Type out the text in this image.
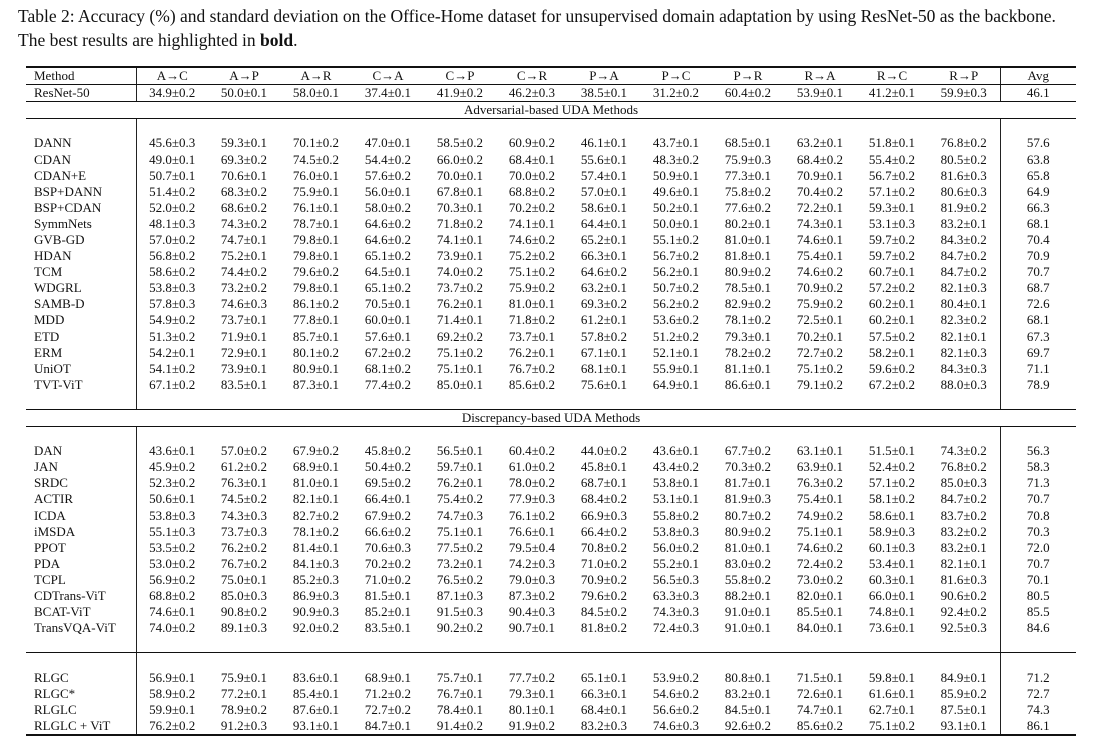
Table 2: Accuracy (%) and standard deviation on the Office-Home dataset for unsupervised domain adaptation by using ResNet-50 as the backbone. The best results are highlighted in bold.
Method	A→C	A→P	A→R	C→A	C→P	C→R	P→A	P→C	P→R	R→A	R→C	R→P	Avg
ResNet-50	34.9±0.2	50.0±0.1	58.0±0.1	37.4±0.1	41.9±0.2	46.2±0.3	38.5±0.1	31.2±0.2	60.4±0.2	53.9±0.1	41.2±0.1	59.9±0.3	46.1
Adversarial-based UDA Methods													

DANN	45.6±0.3	59.3±0.1	70.1±0.2	47.0±0.1	58.5±0.2	60.9±0.2	46.1±0.1	43.7±0.1	68.5±0.1	63.2±0.1	51.8±0.1	76.8±0.2	57.6
CDAN	49.0±0.1	69.3±0.2	74.5±0.2	54.4±0.2	66.0±0.2	68.4±0.1	55.6±0.1	48.3±0.2	75.9±0.3	68.4±0.2	55.4±0.2	80.5±0.2	63.8
CDAN+E	50.7±0.1	70.6±0.1	76.0±0.1	57.6±0.2	70.0±0.1	70.0±0.2	57.4±0.1	50.9±0.1	77.3±0.1	70.9±0.1	56.7±0.2	81.6±0.3	65.8
BSP+DANN	51.4±0.2	68.3±0.2	75.9±0.1	56.0±0.1	67.8±0.1	68.8±0.2	57.0±0.1	49.6±0.1	75.8±0.2	70.4±0.2	57.1±0.2	80.6±0.3	64.9
BSP+CDAN	52.0±0.2	68.6±0.2	76.1±0.1	58.0±0.2	70.3±0.1	70.2±0.2	58.6±0.1	50.2±0.1	77.6±0.2	72.2±0.1	59.3±0.1	81.9±0.2	66.3
SymmNets	48.1±0.3	74.3±0.2	78.7±0.1	64.6±0.2	71.8±0.2	74.1±0.1	64.4±0.1	50.0±0.1	80.2±0.1	74.3±0.1	53.1±0.3	83.2±0.1	68.1
GVB-GD	57.0±0.2	74.7±0.1	79.8±0.1	64.6±0.2	74.1±0.1	74.6±0.2	65.2±0.1	55.1±0.2	81.0±0.1	74.6±0.1	59.7±0.2	84.3±0.2	70.4
HDAN	56.8±0.2	75.2±0.1	79.8±0.1	65.1±0.2	73.9±0.1	75.2±0.2	66.3±0.1	56.7±0.2	81.8±0.1	75.4±0.1	59.7±0.2	84.7±0.2	70.9
TCM	58.6±0.2	74.4±0.2	79.6±0.2	64.5±0.1	74.0±0.2	75.1±0.2	64.6±0.2	56.2±0.1	80.9±0.2	74.6±0.2	60.7±0.1	84.7±0.2	70.7
WDGRL	53.8±0.3	73.2±0.2	79.8±0.1	65.1±0.2	73.7±0.2	75.9±0.2	63.2±0.1	50.7±0.2	78.5±0.1	70.9±0.2	57.2±0.2	82.1±0.3	68.7
SAMB-D	57.8±0.3	74.6±0.3	86.1±0.2	70.5±0.1	76.2±0.1	81.0±0.1	69.3±0.2	56.2±0.2	82.9±0.2	75.9±0.2	60.2±0.1	80.4±0.1	72.6
MDD	54.9±0.2	73.7±0.1	77.8±0.1	60.0±0.1	71.4±0.1	71.8±0.2	61.2±0.1	53.6±0.2	78.1±0.2	72.5±0.1	60.2±0.1	82.3±0.2	68.1
ETD	51.3±0.2	71.9±0.1	85.7±0.1	57.6±0.1	69.2±0.2	73.7±0.1	57.8±0.2	51.2±0.2	79.3±0.1	70.2±0.1	57.5±0.2	82.1±0.1	67.3
ERM	54.2±0.1	72.9±0.1	80.1±0.2	67.2±0.2	75.1±0.2	76.2±0.1	67.1±0.1	52.1±0.1	78.2±0.2	72.7±0.2	58.2±0.1	82.1±0.3	69.7
UniOT	54.1±0.2	73.9±0.1	80.9±0.1	68.1±0.2	75.1±0.1	76.7±0.2	68.1±0.1	55.9±0.1	81.1±0.1	75.1±0.2	59.6±0.2	84.3±0.3	71.1
TVT-ViT	67.1±0.2	83.5±0.1	87.3±0.1	77.4±0.2	85.0±0.1	85.6±0.2	75.6±0.1	64.9±0.1	86.6±0.1	79.1±0.2	67.2±0.2	88.0±0.3	78.9

Discrepancy-based UDA Methods													

DAN	43.6±0.1	57.0±0.2	67.9±0.2	45.8±0.2	56.5±0.1	60.4±0.2	44.0±0.2	43.6±0.1	67.7±0.2	63.1±0.1	51.5±0.1	74.3±0.2	56.3
JAN	45.9±0.2	61.2±0.2	68.9±0.1	50.4±0.2	59.7±0.1	61.0±0.2	45.8±0.1	43.4±0.2	70.3±0.2	63.9±0.1	52.4±0.2	76.8±0.2	58.3
SRDC	52.3±0.2	76.3±0.1	81.0±0.1	69.5±0.2	76.2±0.1	78.0±0.2	68.7±0.1	53.8±0.1	81.7±0.1	76.3±0.2	57.1±0.2	85.0±0.3	71.3
ACTIR	50.6±0.1	74.5±0.2	82.1±0.1	66.4±0.1	75.4±0.2	77.9±0.3	68.4±0.2	53.1±0.1	81.9±0.3	75.4±0.1	58.1±0.2	84.7±0.2	70.7
ICDA	53.8±0.3	74.3±0.3	82.7±0.2	67.9±0.2	74.7±0.3	76.1±0.2	66.9±0.3	55.8±0.2	80.7±0.2	74.9±0.2	58.6±0.1	83.7±0.2	70.8
iMSDA	55.1±0.3	73.7±0.3	78.1±0.2	66.6±0.2	75.1±0.1	76.6±0.1	66.4±0.2	53.8±0.3	80.9±0.2	75.1±0.1	58.9±0.3	83.2±0.2	70.3
PPOT	53.5±0.2	76.2±0.2	81.4±0.1	70.6±0.3	77.5±0.2	79.5±0.4	70.8±0.2	56.0±0.2	81.0±0.1	74.6±0.2	60.1±0.3	83.2±0.1	72.0
PDA	53.0±0.2	76.7±0.2	84.1±0.3	70.2±0.2	73.2±0.1	74.2±0.3	71.0±0.2	55.2±0.1	83.0±0.2	72.4±0.2	53.4±0.1	82.1±0.1	70.7
TCPL	56.9±0.2	75.0±0.1	85.2±0.3	71.0±0.2	76.5±0.2	79.0±0.3	70.9±0.2	56.5±0.3	55.8±0.2	73.0±0.2	60.3±0.1	81.6±0.3	70.1
CDTrans-ViT	68.8±0.2	85.0±0.3	86.9±0.3	81.5±0.1	87.1±0.3	87.3±0.2	79.6±0.2	63.3±0.3	88.2±0.1	82.0±0.1	66.0±0.1	90.6±0.2	80.5
BCAT-ViT	74.6±0.1	90.8±0.2	90.9±0.3	85.2±0.1	91.5±0.3	90.4±0.3	84.5±0.2	74.3±0.3	91.0±0.1	85.5±0.1	74.8±0.1	92.4±0.2	85.5
TransVQA-ViT	74.0±0.2	89.1±0.3	92.0±0.2	83.5±0.1	90.2±0.2	90.7±0.1	81.8±0.2	72.4±0.3	91.0±0.1	84.0±0.1	73.6±0.1	92.5±0.3	84.6

RLGC	56.9±0.1	75.9±0.1	83.6±0.1	68.9±0.1	75.7±0.1	77.7±0.2	65.1±0.1	53.9±0.2	80.8±0.1	71.5±0.1	59.8±0.1	84.9±0.1	71.2
RLGC*	58.9±0.2	77.2±0.1	85.4±0.1	71.2±0.2	76.7±0.1	79.3±0.1	66.3±0.1	54.6±0.2	83.2±0.1	72.6±0.1	61.6±0.1	85.9±0.2	72.7
RLGLC	59.9±0.1	78.9±0.2	87.6±0.1	72.7±0.2	78.4±0.1	80.1±0.1	68.4±0.1	56.6±0.2	84.5±0.1	74.7±0.1	62.7±0.1	87.5±0.1	74.3
RLGLC + ViT	76.2±0.2	91.2±0.3	93.1±0.1	84.7±0.1	91.4±0.2	91.9±0.2	83.2±0.3	74.6±0.3	92.6±0.2	85.6±0.2	75.1±0.2	93.1±0.1	86.1
